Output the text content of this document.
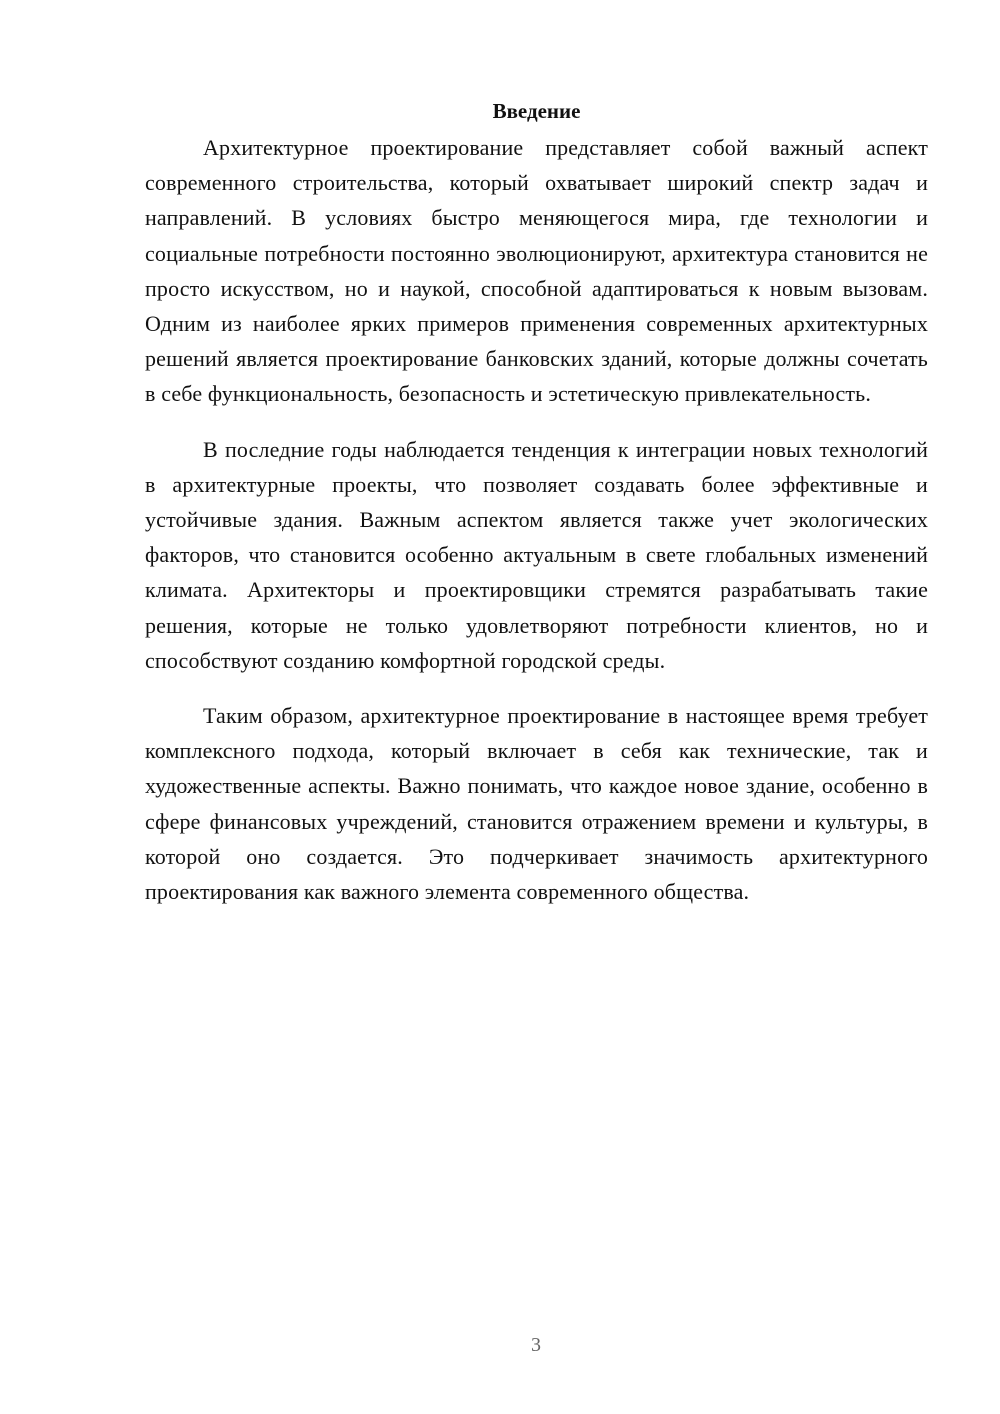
Введение

Архитектурное проектирование представляет собой важный аспект современного строительства, который охватывает широкий спектр задач и направлений. В условиях быстро меняющегося мира, где технологии и социальные потребности постоянно эволюционируют, архитектура становится не просто искусством, но и наукой, способной адаптироваться к новым вызовам. Одним из наиболее ярких примеров применения современных архитектурных решений является проектирование банковских зданий, которые должны сочетать в себе функциональность, безопасность и эстетическую привлекательность.

В последние годы наблюдается тенденция к интеграции новых технологий в архитектурные проекты, что позволяет создавать более эффективные и устойчивые здания. Важным аспектом является также учет экологических факторов, что становится особенно актуальным в свете глобальных изменений климата. Архитекторы и проектировщики стремятся разрабатывать такие решения, которые не только удовлетворяют потребности клиентов, но и способствуют созданию комфортной городской среды.

Таким образом, архитектурное проектирование в настоящее время требует комплексного подхода, который включает в себя как технические, так и художественные аспекты. Важно понимать, что каждое новое здание, особенно в сфере финансовых учреждений, становится отражением времени и культуры, в которой оно создается. Это подчеркивает значимость архитектурного проектирования как важного элемента современного общества.

3
